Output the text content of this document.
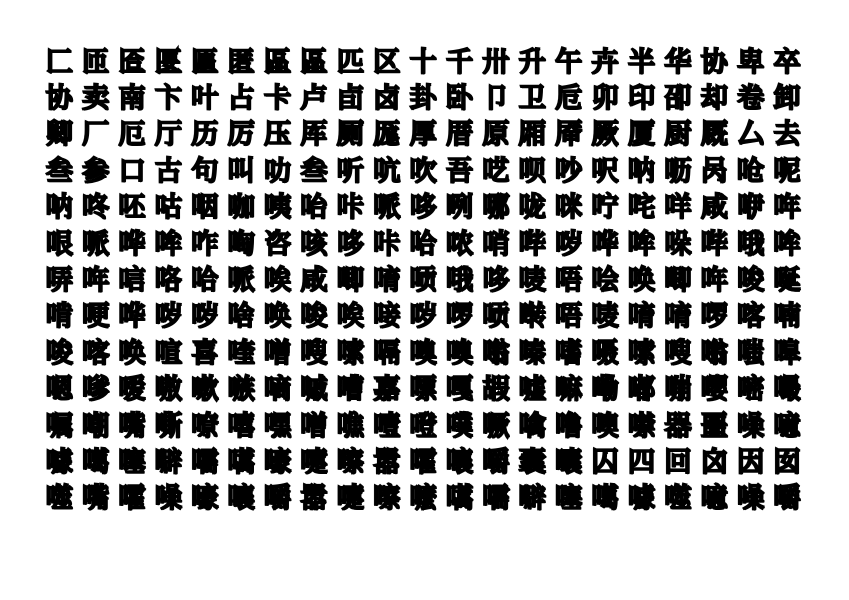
匚 匝 匼 匽 匾 匿 區 區 匹 区 十 千 卅 升 午 卉 半 华 协 卑 卒
协 卖 南 卞 叶 占 卡 卢 卣 卤 卦 卧 卩 卫 卮 卯 印 卲 却 卷 卸
卿 厂 厄 厅 历 厉 压 厍 厕 厖 厚 厝 原 厢 厣 厥 厦 厨 厩 厶 去
叁 参 口 古 句 叫 叻 叁 听 吭 吹 吾 呓 呗 吵 呎 呐 呖 呙 呛 呢
呐 咚 呸 咕 咽 咖 咦 咍 咔 哌 哆 咧 哪 咙 咪 咛 咤 咩 咸 咿 哖
哏 哌 哗 哞 咋 啕 咨 咳 哆 咔 哈 哝 哨 哔 哕 哗 哞 哚 哔 哦 哞
哢 哖 唁 咯 哈 哌 唉 咸 唧 唷 唝 哦 哆 唛 唔 哙 唤 唧 哖 唆 唌
啃 哽 哗 哕 哕 啥 唤 唆 唉 唼 哕 啰 唝 啭 唔 唛 唷 唷 啰 喀 喃
唆 喀 唤 喧 喜 喹 噌 嗖 嗦 嗝 嗅 嗅 嗡 嗪 嗜 嗫 嗦 嗖 嗡 嗤 嗥
嗯 嗲 嗳 嗷 嗽 嗾 嘀 嘁 嘈 嘉 嘌 嘎 嘏 嘘 嘛 嘞 嘟 嘣 嘤 嘧 嘬
嘱 嘲 嘴 嘶 嘹 嘻 嘿 噌 噍 噎 噔 噗 噘 噙 噜 噢 噤 器 噩 噪 噫
噱 噶 噻 噼 嚅 嚆 嚎 嚏 嚓 嚣 嚯 嚷 嚼 囊 囔 囚 四 回 囟 因 囡
噬 嘴 嚯 噪 嚎 嚷 嚼 嚣 嚏 嚓 嚒 嚆 嚅 噼 噻 噶 噱 噬 噫 噪 嚼
